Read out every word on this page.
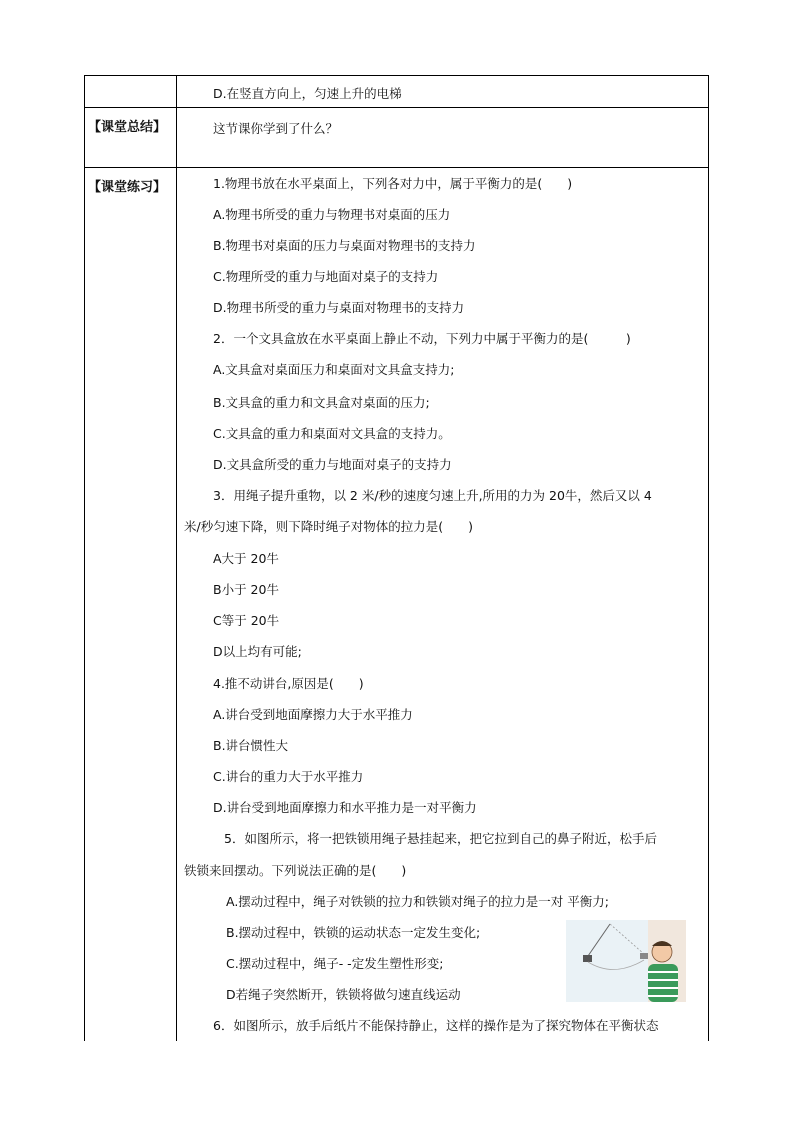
D.在竖直方向上，匀速上升的电梯
【课堂总结】	这节课你学到了什么？
【课堂练习】	1.物理书放在水平桌面上，下列各对力中，属于平衡力的是(　　)
A.物理书所受的重力与物理书对桌面的压力
B.物理书对桌面的压力与桌面对物理书的支持力
C.物理所受的重力与地面对桌子的支持力
D.物理书所受的重力与桌面对物理书的支持力
2．一个文具盒放在水平桌面上静止不动，下列力中属于平衡力的是(　　　)
A.文具盒对桌面压力和桌面对文具盒支持力;
B.文具盒的重力和文具盒对桌面的压力;
C.文具盒的重力和桌面对文具盒的支持力。
D.文具盒所受的重力与地面对桌子的支持力
3．用绳子提升重物，以 2 米/秒的速度匀速上升,所用的力为 20牛，然后又以 4
米/秒匀速下降，则下降时绳子对物体的拉力是(　　)
A大于 20牛
B小于 20牛
C等于 20牛
D以上均有可能;
4.推不动讲台,原因是(　　)
A.讲台受到地面摩擦力大于水平推力
B.讲台惯性大
C.讲台的重力大于水平推力
D.讲台受到地面摩擦力和水平推力是一对平衡力
5．如图所示，将一把铁锁用绳子悬挂起来，把它拉到自己的鼻子附近，松手后
铁锁来回摆动。下列说法正确的是(　　)
A.摆动过程中，绳子对铁锁的拉力和铁锁对绳子的拉力是一对 平衡力;
B.摆动过程中，铁锁的运动状态一定发生变化;
C.摆动过程中，绳子- -定发生塑性形变;
D若绳子突然断开，铁锁将做匀速直线运动
6．如图所示，放手后纸片不能保持静止，这样的操作是为了探究物体在平衡状态
